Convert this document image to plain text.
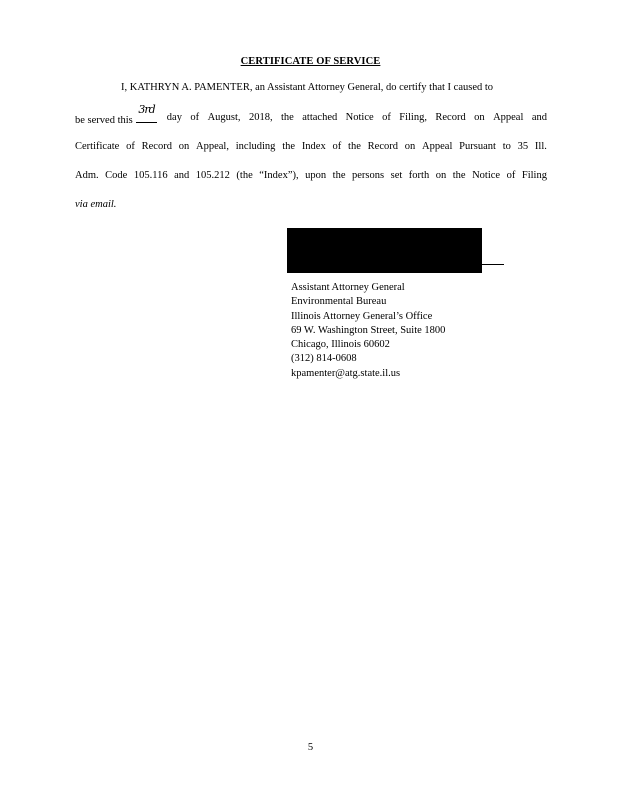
CERTIFICATE OF SERVICE
I, KATHRYN A. PAMENTER, an Assistant Attorney General, do certify that I caused to
be served this
3rd
day of August, 2018, the attached Notice of Filing, Record on Appeal and
Certificate of Record on Appeal, including the Index of the Record on Appeal Pursuant to 35 Ill.
Adm. Code 105.116 and 105.212 (the “Index”), upon the persons set forth on the Notice of Filing
via email.
Assistant Attorney General
Environmental Bureau
Illinois Attorney General’s Office
69 W. Washington Street, Suite 1800
Chicago, Illinois 60602
(312) 814-0608
kpamenter@atg.state.il.us
5
